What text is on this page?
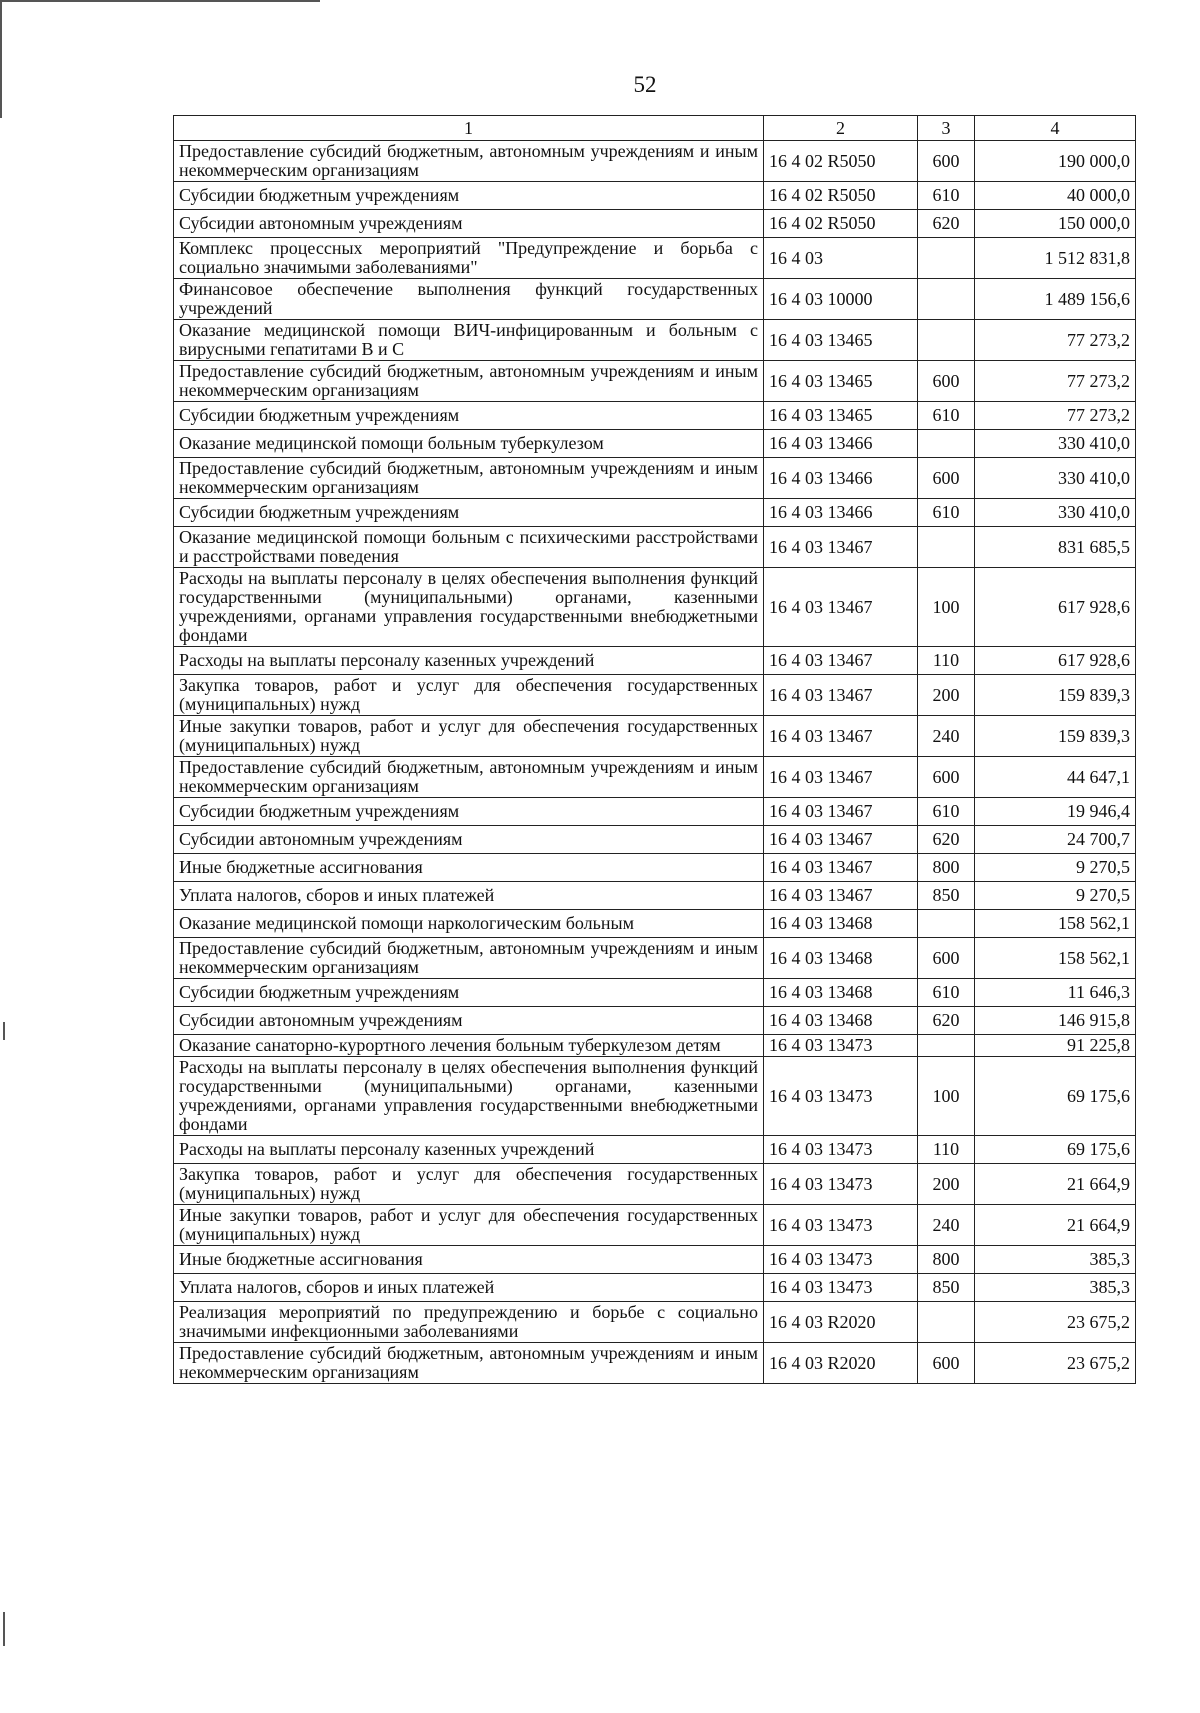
52
1	2	3	4
Предоставление субсидий бюджетным, автономным учреждениям и иным некоммерческим организациям	16 4 02 R5050	600	190 000,0
Субсидии бюджетным учреждениям	16 4 02 R5050	610	40 000,0
Субсидии автономным учреждениям	16 4 02 R5050	620	150 000,0
Комплекс процессных мероприятий "Предупреждение и борьба с социально значимыми заболеваниями"	16 4 03		1 512 831,8
Финансовое обеспечение выполнения функций государственных учреждений	16 4 03 10000		1 489 156,6
Оказание медицинской помощи ВИЧ-инфицированным и больным с вирусными гепатитами В и С	16 4 03 13465		77 273,2
Предоставление субсидий бюджетным, автономным учреждениям и иным некоммерческим организациям	16 4 03 13465	600	77 273,2
Субсидии бюджетным учреждениям	16 4 03 13465	610	77 273,2
Оказание медицинской помощи больным туберкулезом	16 4 03 13466		330 410,0
Предоставление субсидий бюджетным, автономным учреждениям и иным некоммерческим организациям	16 4 03 13466	600	330 410,0
Субсидии бюджетным учреждениям	16 4 03 13466	610	330 410,0
Оказание медицинской помощи больным с психическими расстройствами и расстройствами поведения	16 4 03 13467		831 685,5
Расходы на выплаты персоналу в целях обеспечения выполнения функций государственными (муниципальными) органами, казенными учреждениями, органами управления государственными внебюджетными фондами	16 4 03 13467	100	617 928,6
Расходы на выплаты персоналу казенных учреждений	16 4 03 13467	110	617 928,6
Закупка товаров, работ и услуг для обеспечения государственных (муниципальных) нужд	16 4 03 13467	200	159 839,3
Иные закупки товаров, работ и услуг для обеспечения государственных (муниципальных) нужд	16 4 03 13467	240	159 839,3
Предоставление субсидий бюджетным, автономным учреждениям и иным некоммерческим организациям	16 4 03 13467	600	44 647,1
Субсидии бюджетным учреждениям	16 4 03 13467	610	19 946,4
Субсидии автономным учреждениям	16 4 03 13467	620	24 700,7
Иные бюджетные ассигнования	16 4 03 13467	800	9 270,5
Уплата налогов, сборов и иных платежей	16 4 03 13467	850	9 270,5
Оказание медицинской помощи наркологическим больным	16 4 03 13468		158 562,1
Предоставление субсидий бюджетным, автономным учреждениям и иным некоммерческим организациям	16 4 03 13468	600	158 562,1
Субсидии бюджетным учреждениям	16 4 03 13468	610	11 646,3
Субсидии автономным учреждениям	16 4 03 13468	620	146 915,8
Оказание санаторно-курортного лечения больным туберкулезом детям	16 4 03 13473		91 225,8
Расходы на выплаты персоналу в целях обеспечения выполнения функций государственными (муниципальными) органами, казенными учреждениями, органами управления государственными внебюджетными фондами	16 4 03 13473	100	69 175,6
Расходы на выплаты персоналу казенных учреждений	16 4 03 13473	110	69 175,6
Закупка товаров, работ и услуг для обеспечения государственных (муниципальных) нужд	16 4 03 13473	200	21 664,9
Иные закупки товаров, работ и услуг для обеспечения государственных (муниципальных) нужд	16 4 03 13473	240	21 664,9
Иные бюджетные ассигнования	16 4 03 13473	800	385,3
Уплата налогов, сборов и иных платежей	16 4 03 13473	850	385,3
Реализация мероприятий по предупреждению и борьбе с социально значимыми инфекционными заболеваниями	16 4 03 R2020		23 675,2
Предоставление субсидий бюджетным, автономным учреждениям и иным некоммерческим организациям	16 4 03 R2020	600	23 675,2
